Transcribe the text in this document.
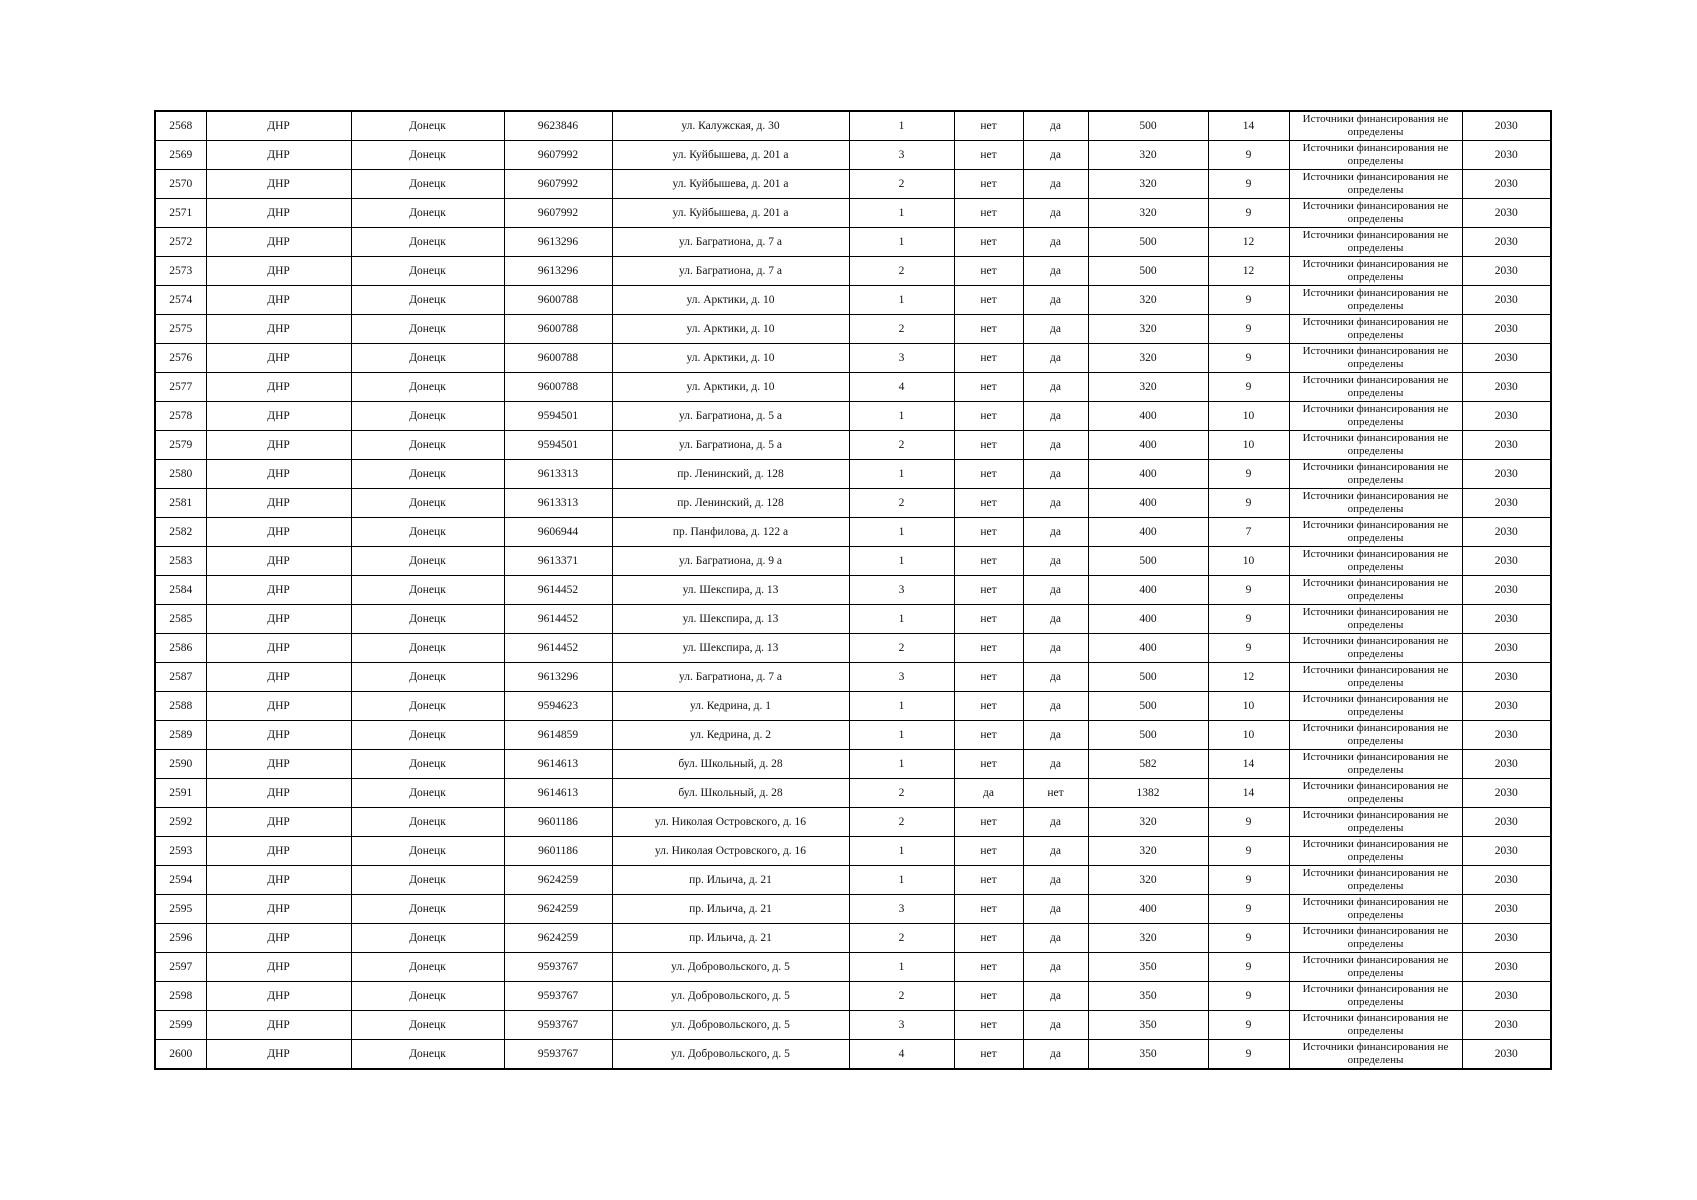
2568	ДНР	Донецк	9623846	ул. Калужская, д. 30	1	нет	да	500	14	Источники финансирования не определены	2030
2569	ДНР	Донецк	9607992	ул. Куйбышева, д. 201 а	3	нет	да	320	9	Источники финансирования не определены	2030
2570	ДНР	Донецк	9607992	ул. Куйбышева, д. 201 а	2	нет	да	320	9	Источники финансирования не определены	2030
2571	ДНР	Донецк	9607992	ул. Куйбышева, д. 201 а	1	нет	да	320	9	Источники финансирования не определены	2030
2572	ДНР	Донецк	9613296	ул. Багратиона, д. 7 а	1	нет	да	500	12	Источники финансирования не определены	2030
2573	ДНР	Донецк	9613296	ул. Багратиона, д. 7 а	2	нет	да	500	12	Источники финансирования не определены	2030
2574	ДНР	Донецк	9600788	ул. Арктики, д. 10	1	нет	да	320	9	Источники финансирования не определены	2030
2575	ДНР	Донецк	9600788	ул. Арктики, д. 10	2	нет	да	320	9	Источники финансирования не определены	2030
2576	ДНР	Донецк	9600788	ул. Арктики, д. 10	3	нет	да	320	9	Источники финансирования не определены	2030
2577	ДНР	Донецк	9600788	ул. Арктики, д. 10	4	нет	да	320	9	Источники финансирования не определены	2030
2578	ДНР	Донецк	9594501	ул. Багратиона, д. 5 а	1	нет	да	400	10	Источники финансирования не определены	2030
2579	ДНР	Донецк	9594501	ул. Багратиона, д. 5 а	2	нет	да	400	10	Источники финансирования не определены	2030
2580	ДНР	Донецк	9613313	пр. Ленинский, д. 128	1	нет	да	400	9	Источники финансирования не определены	2030
2581	ДНР	Донецк	9613313	пр. Ленинский, д. 128	2	нет	да	400	9	Источники финансирования не определены	2030
2582	ДНР	Донецк	9606944	пр. Панфилова, д. 122 а	1	нет	да	400	7	Источники финансирования не определены	2030
2583	ДНР	Донецк	9613371	ул. Багратиона, д. 9 а	1	нет	да	500	10	Источники финансирования не определены	2030
2584	ДНР	Донецк	9614452	ул. Шекспира, д. 13	3	нет	да	400	9	Источники финансирования не определены	2030
2585	ДНР	Донецк	9614452	ул. Шекспира, д. 13	1	нет	да	400	9	Источники финансирования не определены	2030
2586	ДНР	Донецк	9614452	ул. Шекспира, д. 13	2	нет	да	400	9	Источники финансирования не определены	2030
2587	ДНР	Донецк	9613296	ул. Багратиона, д. 7 а	3	нет	да	500	12	Источники финансирования не определены	2030
2588	ДНР	Донецк	9594623	ул. Кедрина, д. 1	1	нет	да	500	10	Источники финансирования не определены	2030
2589	ДНР	Донецк	9614859	ул. Кедрина, д. 2	1	нет	да	500	10	Источники финансирования не определены	2030
2590	ДНР	Донецк	9614613	бул. Школьный, д. 28	1	нет	да	582	14	Источники финансирования не определены	2030
2591	ДНР	Донецк	9614613	бул. Школьный, д. 28	2	да	нет	1382	14	Источники финансирования не определены	2030
2592	ДНР	Донецк	9601186	ул. Николая Островского, д. 16	2	нет	да	320	9	Источники финансирования не определены	2030
2593	ДНР	Донецк	9601186	ул. Николая Островского, д. 16	1	нет	да	320	9	Источники финансирования не определены	2030
2594	ДНР	Донецк	9624259	пр. Ильича, д. 21	1	нет	да	320	9	Источники финансирования не определены	2030
2595	ДНР	Донецк	9624259	пр. Ильича, д. 21	3	нет	да	400	9	Источники финансирования не определены	2030
2596	ДНР	Донецк	9624259	пр. Ильича, д. 21	2	нет	да	320	9	Источники финансирования не определены	2030
2597	ДНР	Донецк	9593767	ул. Добровольского, д. 5	1	нет	да	350	9	Источники финансирования не определены	2030
2598	ДНР	Донецк	9593767	ул. Добровольского, д. 5	2	нет	да	350	9	Источники финансирования не определены	2030
2599	ДНР	Донецк	9593767	ул. Добровольского, д. 5	3	нет	да	350	9	Источники финансирования не определены	2030
2600	ДНР	Донецк	9593767	ул. Добровольского, д. 5	4	нет	да	350	9	Источники финансирования не определены	2030
